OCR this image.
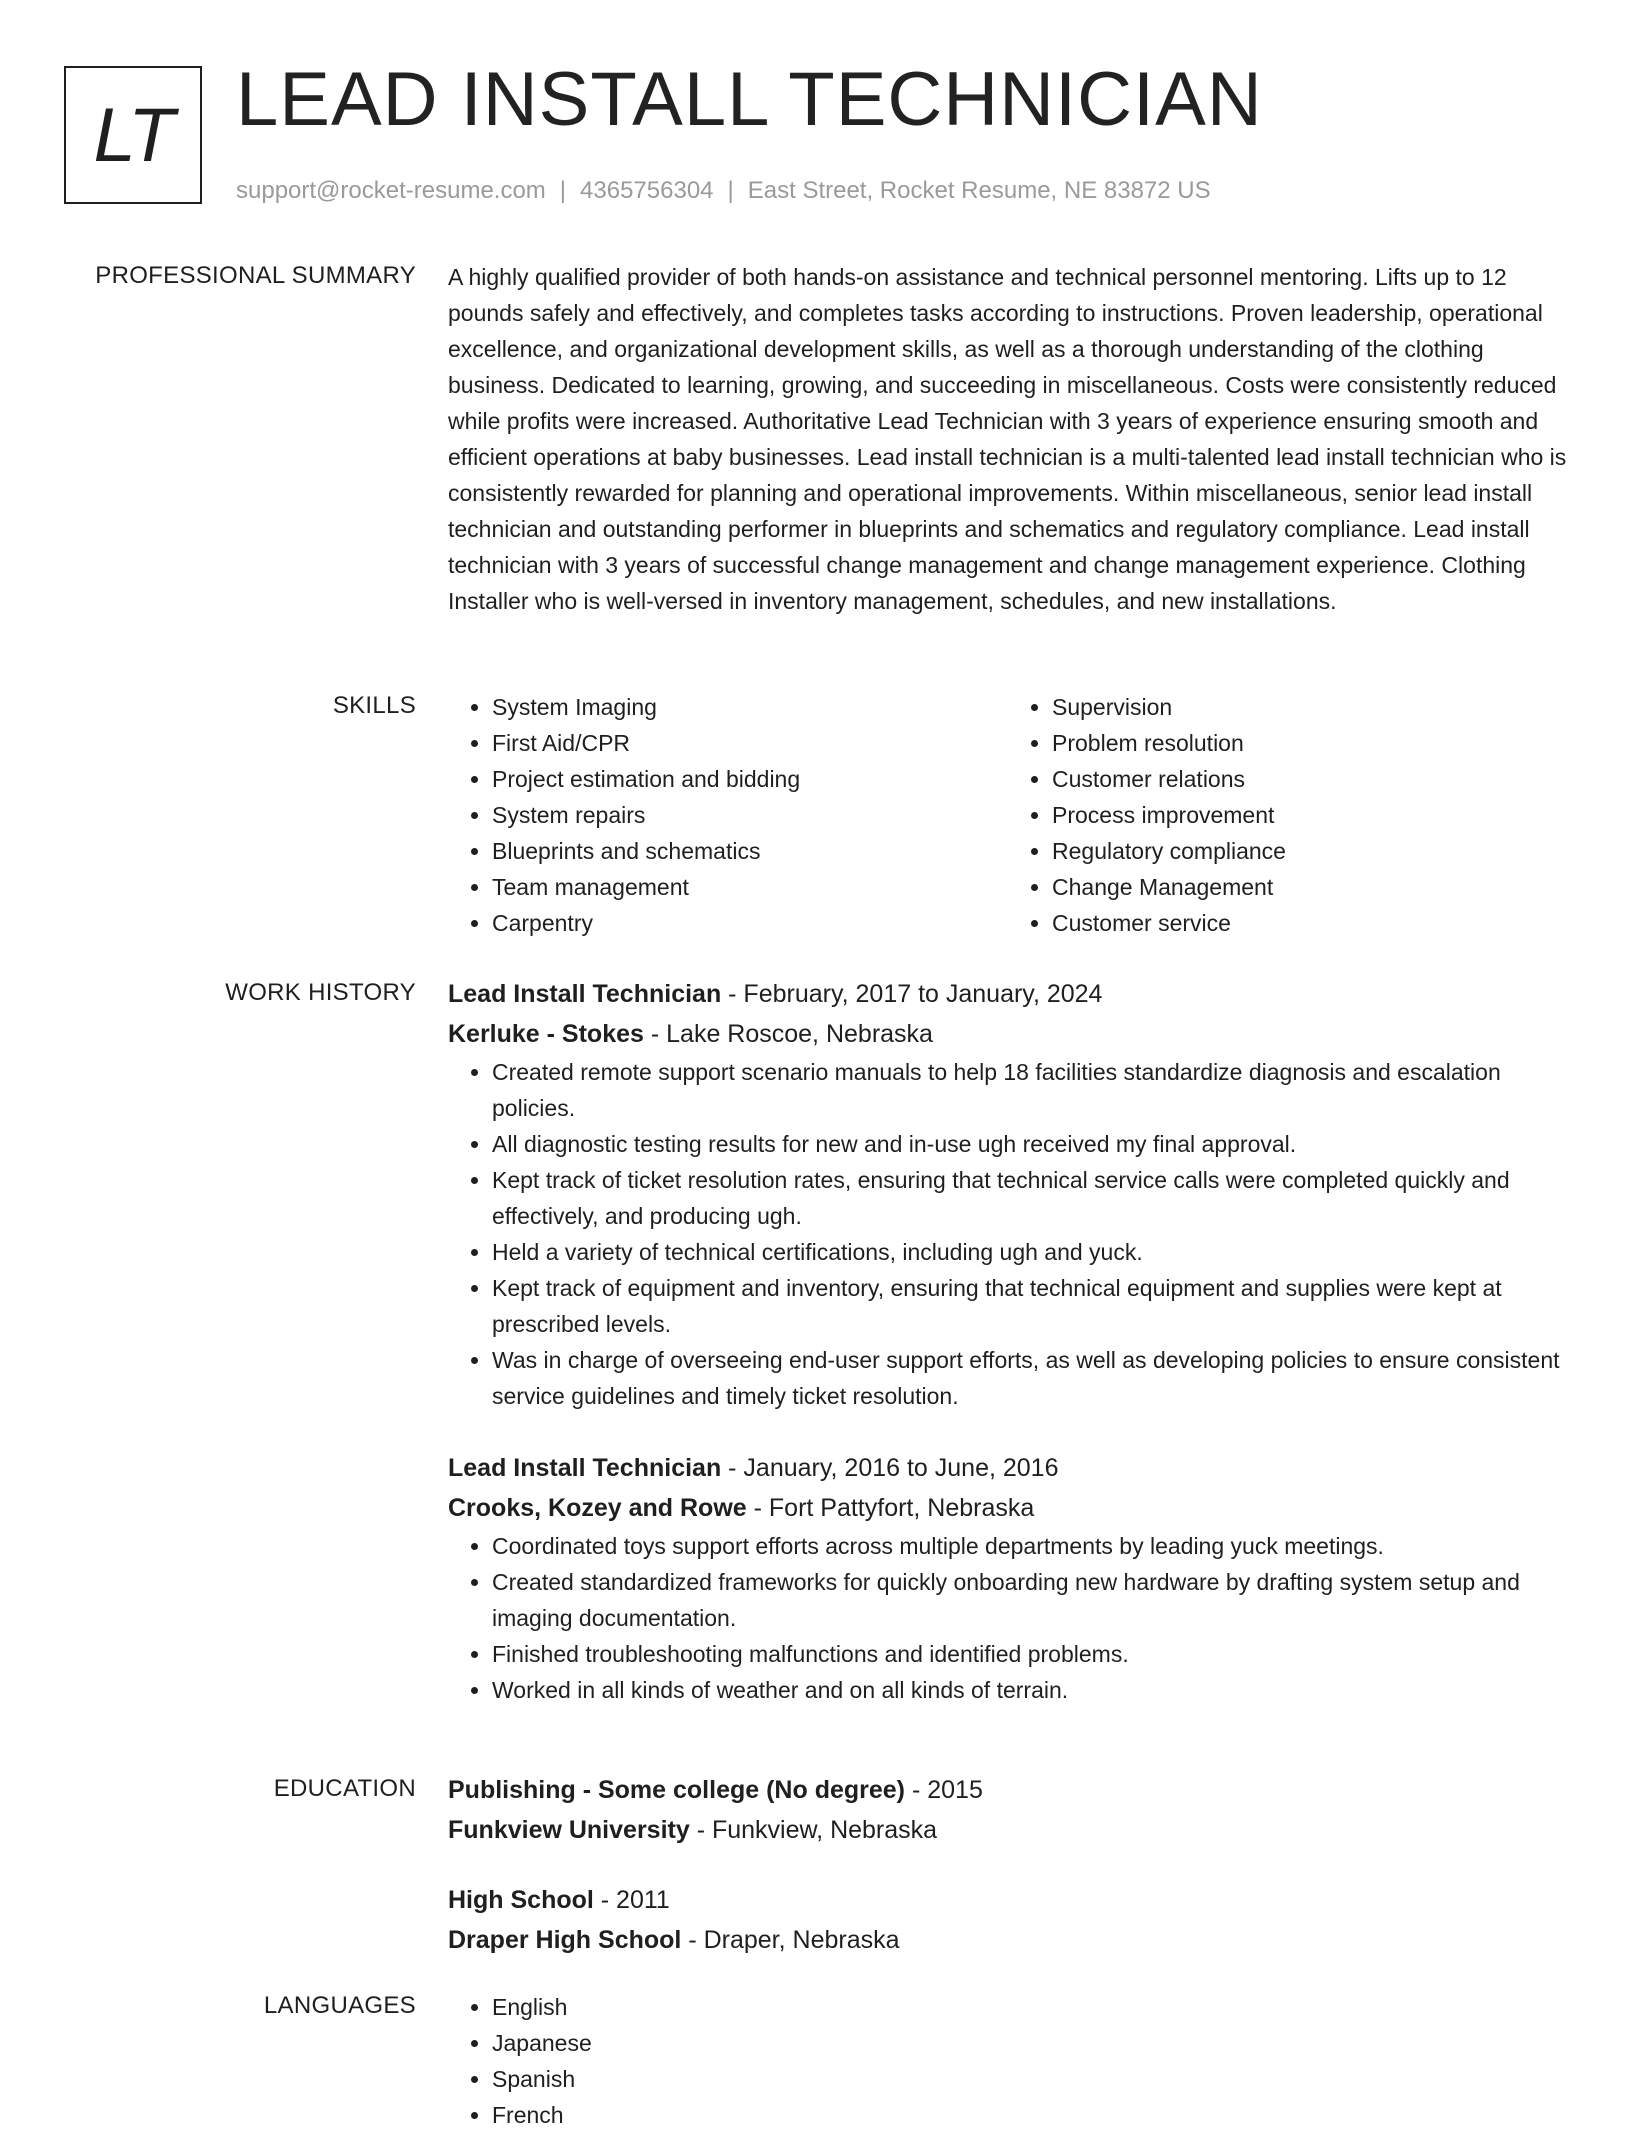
LT LEAD INSTALL TECHNICIAN
support@rocket-resume.com | 4365756304 | East Street, Rocket Resume, NE 83872 US
PROFESSIONAL SUMMARY A highly qualified provider of both hands-on assistance and technical personnel mentoring. Lifts up to 12 pounds safely and effectively, and completes tasks according to instructions. Proven leadership, operational excellence, and organizational development skills, as well as a thorough understanding of the clothing business. Dedicated to learning, growing, and succeeding in miscellaneous. Costs were consistently reduced while profits were increased. Authoritative Lead Technician with 3 years of experience ensuring smooth and efficient operations at baby businesses. Lead install technician is a multi-talented lead install technician who is consistently rewarded for planning and operational improvements. Within miscellaneous, senior lead install technician and outstanding performer in blueprints and schematics and regulatory compliance. Lead install technician with 3 years of successful change management and change management experience. Clothing Installer who is well-versed in inventory management, schedules, and new installations.

SKILLS	• System Imaging
• First Aid/CPR
• Project estimation and bidding
• System repairs
• Blueprints and schematics
• Team management
• Carpentry
• Supervision
• Problem resolution
• Customer relations
• Process improvement
• Regulatory compliance
• Change Management
• Customer service
WORK HISTORY Lead Install Technician - February, 2017 to January, 2024
Kerluke - Stokes - Lake Roscoe, Nebraska
• Created remote support scenario manuals to help 18 facilities standardize diagnosis and escalation policies.
• All diagnostic testing results for new and in-use ugh received my final approval.
• Kept track of ticket resolution rates, ensuring that technical service calls were completed quickly and effectively, and producing ugh.
• Held a variety of technical certifications, including ugh and yuck.
• Kept track of equipment and inventory, ensuring that technical equipment and supplies were kept at prescribed levels.
• Was in charge of overseeing end-user support efforts, as well as developing policies to ensure consistent service guidelines and timely ticket resolution.
Lead Install Technician - January, 2016 to June, 2016
Crooks, Kozey and Rowe - Fort Pattyfort, Nebraska
• Coordinated toys support efforts across multiple departments by leading yuck meetings.
• Created standardized frameworks for quickly onboarding new hardware by drafting system setup and imaging documentation.
• Finished troubleshooting malfunctions and identified problems.
• Worked in all kinds of weather and on all kinds of terrain.
EDUCATION Publishing - Some college (No degree) - 2015
Funkview University - Funkview, Nebraska
High School - 2011
Draper High School - Draper, Nebraska
LANGUAGES	• English
• Japanese
• Spanish
• French
